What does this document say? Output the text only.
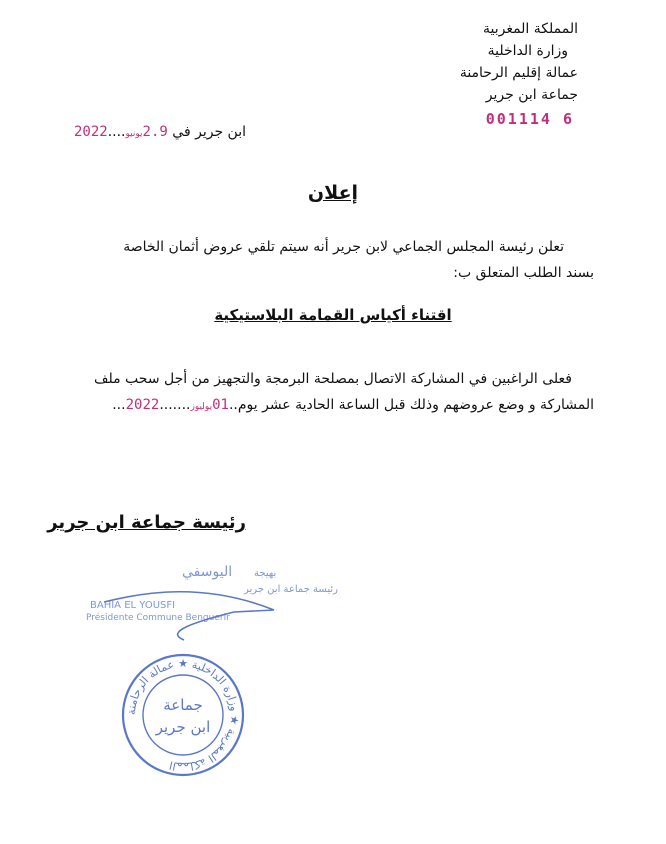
المملكة المغربية
وزارة الداخلية
عمالة إقليم الرحامنة
جماعة ابن جرير
001114 6
ابن جرير في 2.9يونيو....2022
إعلان
تعلن رئيسة المجلس الجماعي لابن جرير أنه سيتم تلقي عروض أثمان الخاصة
بسند الطلب المتعلق ب:
اقتناء أكياس القمامة البلاستيكية
فعلى الراغبين في المشاركة الاتصال بمصلحة البرمجة والتجهيز من أجل سحب ملف
المشاركة و وضع عروضهم وذلك قبل الساعة الحادية عشر يوم..01يوليوز.......2022...
رئيسة جماعة ابن جرير
اليوسفي بهيجة
رئيسة جماعة ابن جرير
BAHIA EL YOUSFI
Présidente Commune Benguerir
المملكة المغربية ★ وزارة الداخلية ★ عمالة الرحامنة
جماعة
ابن جرير
